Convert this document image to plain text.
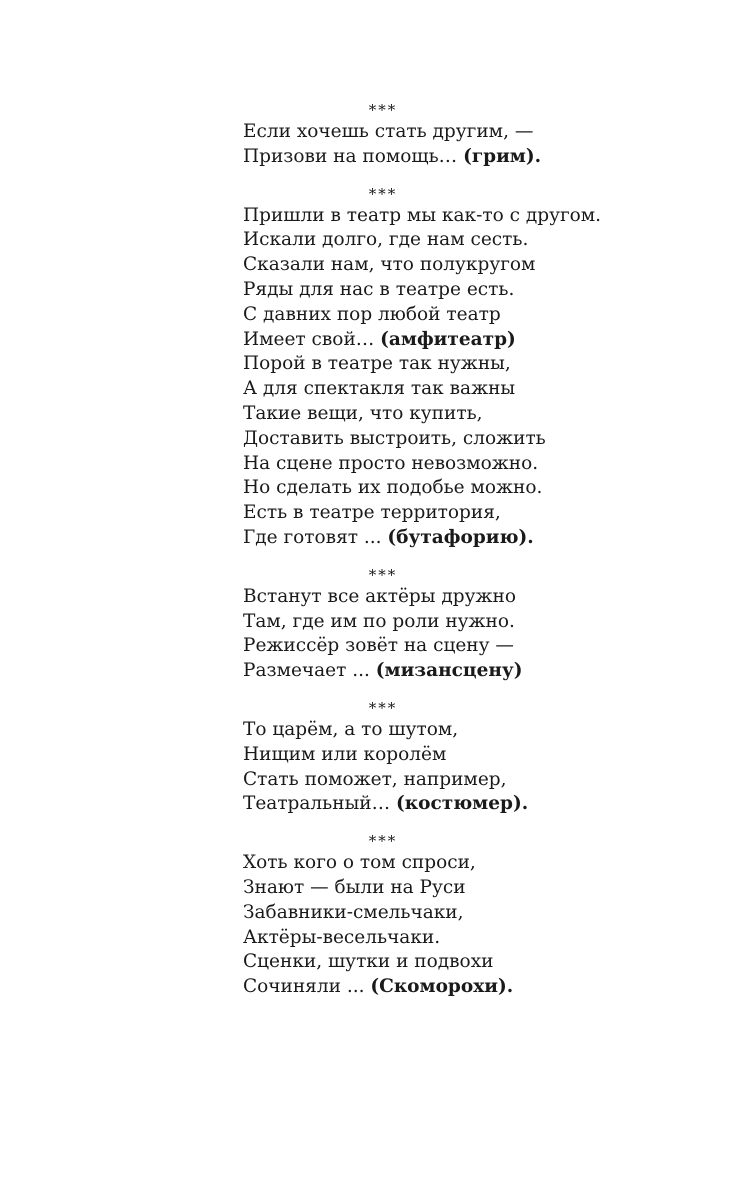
***
Если хочешь стать другим, —
Призови на помощь… (грим).
***
Пришли в театр мы как-то с другом.
Искали долго, где нам сесть.
Сказали нам, что полукругом
Ряды для нас в театре есть.
С давних пор любой театр
Имеет свой… (амфитеатр)
Порой в театре так нужны,
А для спектакля так важны
Такие вещи, что купить,
Доставить выстроить, сложить
На сцене просто невозможно.
Но сделать их подобье можно.
Есть в театре территория,
Где готовят ... (бутафорию).
***
Встанут все актёры дружно
Там, где им по роли нужно.
Режиссёр зовёт на сцену —
Размечает ... (мизансцену)
***
То царём, а то шутом,
Нищим или королём
Стать поможет, например,
Театральный… (костюмер).
***
Хоть кого о том спроси,
Знают — были на Руси
Забавники-смельчаки,
Актёры-весельчаки.
Сценки, шутки и подвохи
Сочиняли ... (Скоморохи).
